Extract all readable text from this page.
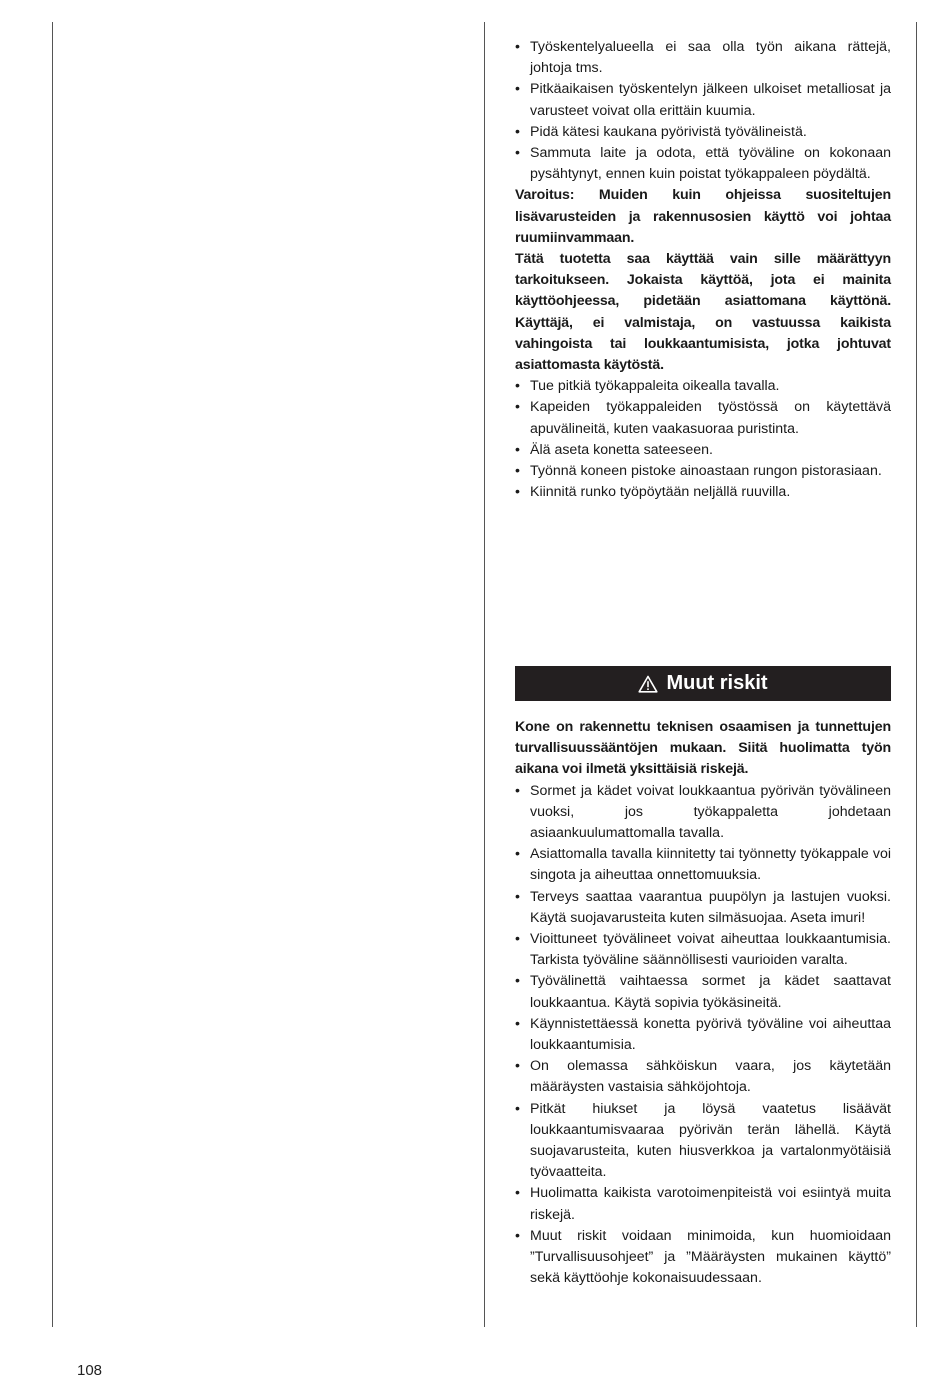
• Työskentelyalueella ei saa olla työn aikana rättejä, johtoja tms.
• Pitkäaikaisen työskentelyn jälkeen ulkoiset metalliosat ja varusteet voivat olla erittäin kuumia.
• Pidä kätesi kaukana pyörivistä työvälineistä.
• Sammuta laite ja odota, että työväline on kokonaan pysähtynyt, ennen kuin poistat työkappaleen pöydältä.

Varoitus: Muiden kuin ohjeissa suositeltujen lisävarusteiden ja rakennusosien käyttö voi johtaa ruumiinvammaan.

Tätä tuotetta saa käyttää vain sille määrättyyn tarkoitukseen. Jokaista käyttöä, jota ei mainita käyttöohjeessa, pidetään asiattomana käyttönä. Käyttäjä, ei valmistaja, on vastuussa kaikista vahingoista tai loukkaantumisista, jotka johtuvat asiattomasta käytöstä.

• Tue pitkiä työkappaleita oikealla tavalla.
• Kapeiden työkappaleiden työstössä on käytettävä apuvälineitä, kuten vaakasuoraa puristinta.
• Älä aseta konetta sateeseen.
• Työnnä koneen pistoke ainoastaan rungon pistorasiaan.
• Kiinnitä runko työpöytään neljällä ruuvilla.
Muut riskit

Kone on rakennettu teknisen osaamisen ja tunnettujen turvallisuussääntöjen mukaan. Siitä huolimatta työn aikana voi ilmetä yksittäisiä riskejä.

• Sormet ja kädet voivat loukkaantua pyörivän työvälineen vuoksi, jos työkappaletta johdetaan asiaankuulumattomalla tavalla.
• Asiattomalla tavalla kiinnitetty tai työnnetty työkappale voi singota ja aiheuttaa onnettomuuksia.
• Terveys saattaa vaarantua puupölyn ja lastujen vuoksi. Käytä suojavarusteita kuten silmäsuojaa. Aseta imuri!
• Vioittuneet työvälineet voivat aiheuttaa loukkaantumisia. Tarkista työväline säännöllisesti vaurioiden varalta.
• Työvälinettä vaihtaessa sormet ja kädet saattavat loukkaantua. Käytä sopivia työkäsineitä.
• Käynnistettäessä konetta pyörivä työväline voi aiheuttaa loukkaantumisia.
• On olemassa sähköiskun vaara, jos käytetään määräysten vastaisia sähköjohtoja.
• Pitkät hiukset ja löysä vaatetus lisäävät loukkaantumisvaaraa pyörivän terän lähellä. Käytä suojavarusteita, kuten hiusverkkoa ja vartalonmyötäisiä työvaatteita.
• Huolimatta kaikista varotoimenpiteistä voi esiintyä muita riskejä.
• Muut riskit voidaan minimoida, kun huomioidaan ”Turvallisuusohjeet” ja ”Määräysten mukainen käyttö” sekä käyttöohje kokonaisuudessaan.
108
